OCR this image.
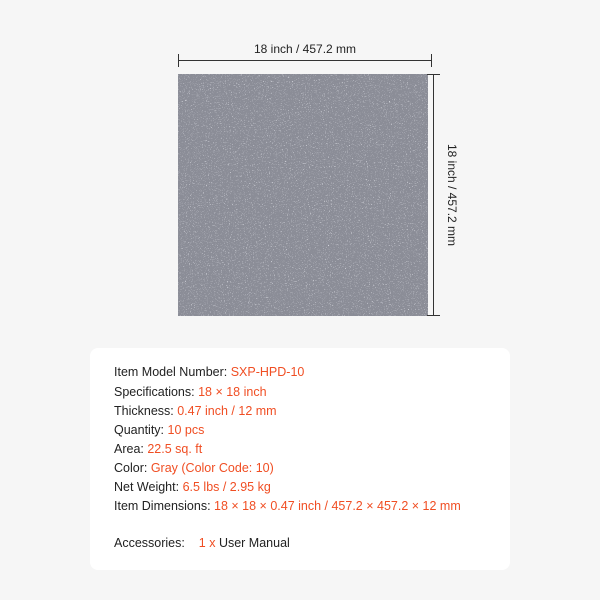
18 inch / 457.2 mm
18 inch / 457.2 mm
Item Model Number: SXP-HPD-10
Specifications: 18 × 18 inch
Thickness: 0.47 inch / 12 mm
Quantity: 10 pcs
Area: 22.5 sq. ft
Color: Gray (Color Code: 10)
Net Weight: 6.5 lbs / 2.95 kg
Item Dimensions: 18 × 18 × 0.47 inch / 457.2 × 457.2 × 12 mm
Accessories: 1 x User Manual
